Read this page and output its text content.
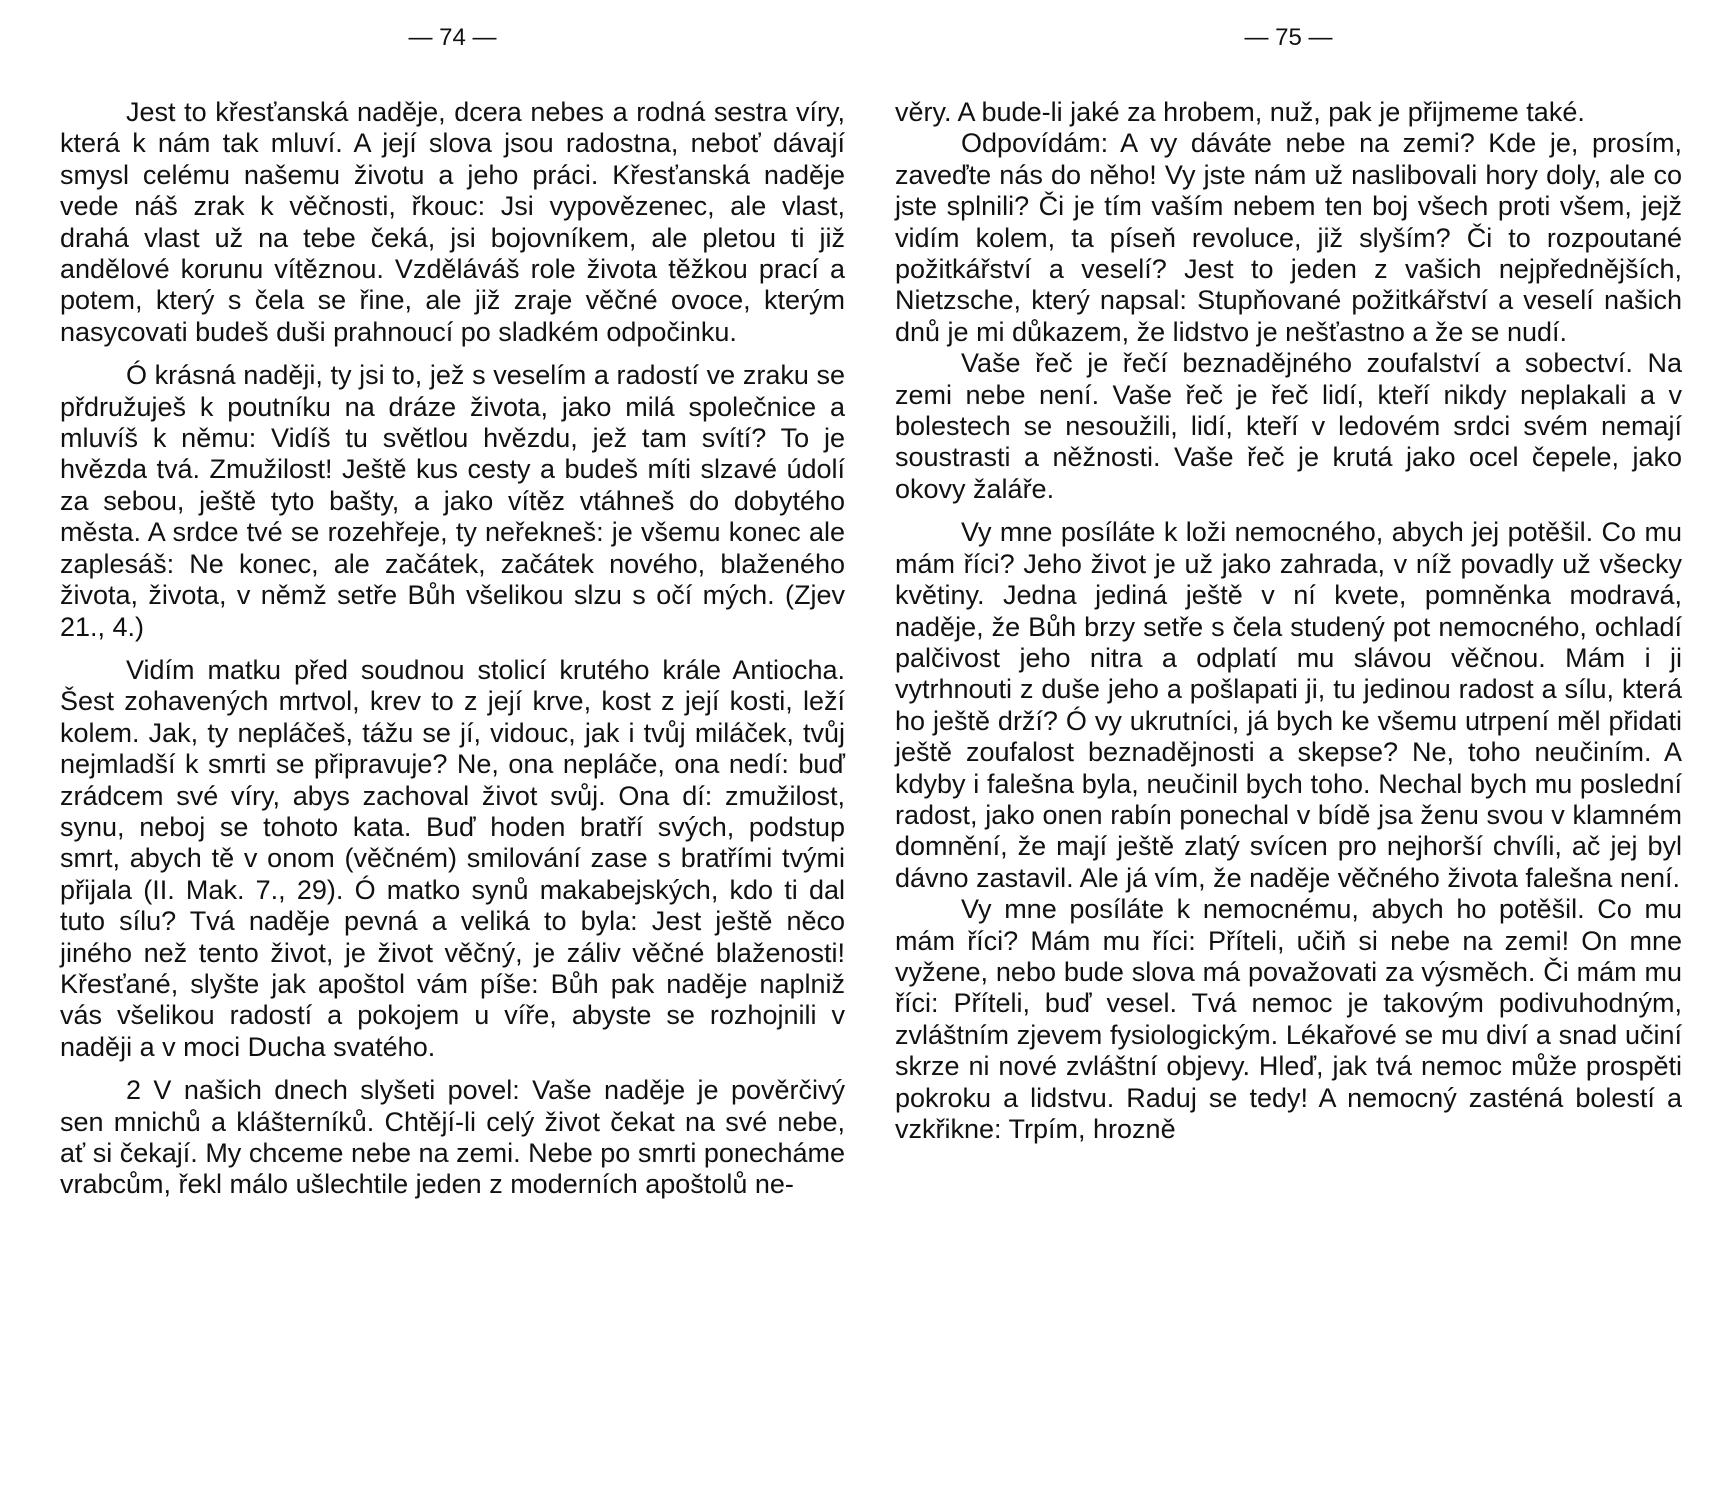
— 74 —

Jest to křesťanská naděje, dcera nebes a rodná sestra víry, která k nám tak mluví. A její slova jsou radostna, neboť dávají smysl celému našemu životu a jeho práci. Křesťanská naděje vede náš zrak k věčnosti, řkouc: Jsi vypovězenec, ale vlast, drahá vlast už na tebe čeká, jsi bojovníkem, ale pletou ti již andělové korunu vítěznou. Vzděláváš role života těžkou prací a potem, který s čela se řine, ale již zraje věčné ovoce, kterým nasycovati budeš duši prahnoucí po sladkém odpočinku.

Ó krásná naději, ty jsi to, jež s veselím a radostí ve zraku se přdružuješ k poutníku na dráze života, jako milá společnice a mluvíš k němu: Vidíš tu světlou hvězdu, jež tam svítí? To je hvězda tvá. Zmužilost! Ještě kus cesty a budeš míti slzavé údolí za sebou, ještě tyto bašty, a jako vítěz vtáhneš do dobytého města. A srdce tvé se rozehřeje, ty neřekneš: je všemu konec ale zaplesáš: Ne konec, ale začátek, začátek nového, blaženého života, života, v němž setře Bůh všelikou slzu s očí mých. (Zjev 21., 4.)

Vidím matku před soudnou stolicí krutého krále Antiocha. Šest zohavených mrtvol, krev to z její krve, kost z její kosti, leží kolem. Jak, ty nepláčeš, tážu se jí, vidouc, jak i tvůj miláček, tvůj nejmladší k smrti se připravuje? Ne, ona nepláče, ona nedí: buď zrádcem své víry, abys zachoval život svůj. Ona dí: zmužilost, synu, neboj se tohoto kata. Buď hoden bratří svých, podstup smrt, abych tě v onom (věčném) smilování zase s bratřími tvými přijala (II. Mak. 7., 29). Ó matko synů makabejských, kdo ti dal tuto sílu? Tvá naděje pevná a veliká to byla: Jest ještě něco jiného než tento život, je život věčný, je záliv věčné blaženosti! Křesťané, slyšte jak apoštol vám píše: Bůh pak naděje naplniž vás všelikou radostí a pokojem u víře, abyste se rozhojnili v naději a v moci Ducha svatého.

2 V našich dnech slyšeti povel: Vaše naděje je pověrčivý sen mnichů a klášterníků. Chtějí-li celý život čekat na své nebe, ať si čekají. My chceme nebe na zemi. Nebe po smrti ponecháme vrabcům, řekl málo ušlechtile jeden z moderních apoštolů ne-

— 75 —

věry. A bude-li jaké za hrobem, nuž, pak je přijmeme také.

Odpovídám: A vy dáváte nebe na zemi? Kde je, prosím, zaveďte nás do něho! Vy jste nám už naslibovali hory doly, ale co jste splnili? Či je tím vaším nebem ten boj všech proti všem, jejž vidím kolem, ta píseň revoluce, již slyším? Či to rozpoutané požitkářství a veselí? Jest to jeden z vašich nejpřednějších, Nietzsche, který napsal: Stupňované požitkářství a veselí našich dnů je mi důkazem, že lidstvo je nešťastno a že se nudí.

Vaše řeč je řečí beznadějného zoufalství a sobectví. Na zemi nebe není. Vaše řeč je řeč lidí, kteří nikdy neplakali a v bolestech se nesoužili, lidí, kteří v ledovém srdci svém nemají soustrasti a něžnosti. Vaše řeč je krutá jako ocel čepele, jako okovy žaláře.

Vy mne posíláte k loži nemocného, abych jej potěšil. Co mu mám říci? Jeho život je už jako zahrada, v níž povadly už všecky květiny. Jedna jediná ještě v ní kvete, pomněnka modravá, naděje, že Bůh brzy setře s čela studený pot nemocného, ochladí palčivost jeho nitra a odplatí mu slávou věčnou. Mám i ji vytrhnouti z duše jeho a pošlapati ji, tu jedinou radost a sílu, která ho ještě drží? Ó vy ukrutníci, já bych ke všemu utrpení měl přidati ještě zoufalost beznadějnosti a skepse? Ne, toho neučiním. A kdyby i falešna byla, neučinil bych toho. Nechal bych mu poslední radost, jako onen rabín ponechal v bídě jsa ženu svou v klamném domnění, že mají ještě zlatý svícen pro nejhorší chvíli, ač jej byl dávno zastavil. Ale já vím, že naděje věčného života falešna není.

Vy mne posíláte k nemocnému, abych ho potěšil. Co mu mám říci? Mám mu říci: Příteli, učiň si nebe na zemi! On mne vyžene, nebo bude slova má považovati za výsměch. Či mám mu říci: Příteli, buď vesel. Tvá nemoc je takovým podivuhodným, zvláštním zjevem fysiologickým. Lékařové se mu diví a snad učiní skrze ni nové zvláštní objevy. Hleď, jak tvá nemoc může prospěti pokroku a lidstvu. Raduj se tedy! A nemocný zasténá bolestí a vzkřikne: Trpím, hrozně
